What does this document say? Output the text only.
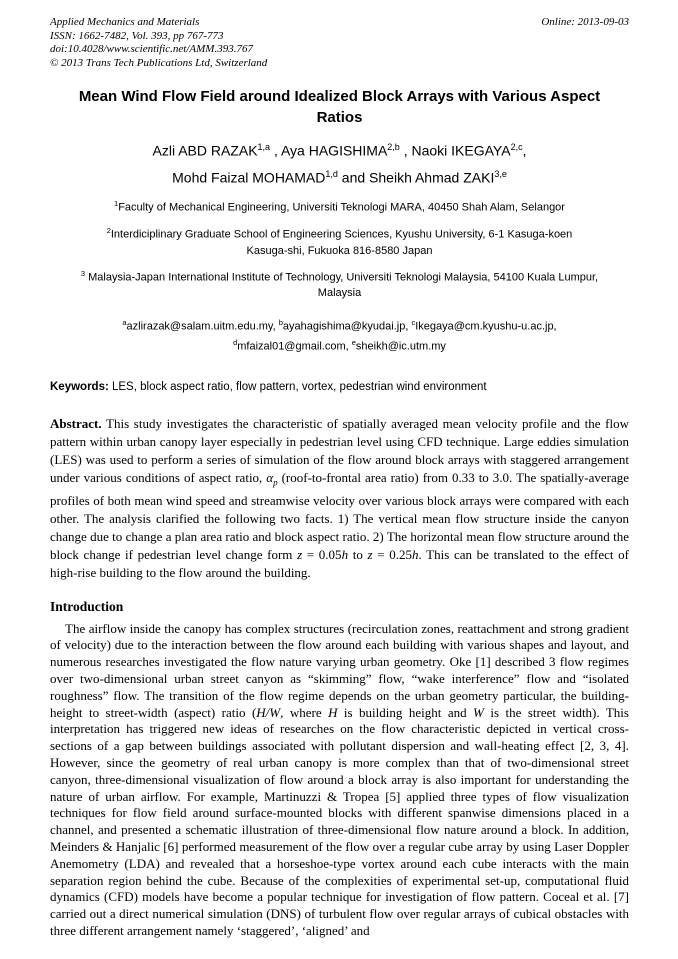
Applied Mechanics and Materials
ISSN: 1662-7482, Vol. 393, pp 767-773
doi:10.4028/www.scientific.net/AMM.393.767
© 2013 Trans Tech Publications Ltd, Switzerland
Online: 2013-09-03
Mean Wind Flow Field around Idealized Block Arrays with Various Aspect Ratios
Azli ABD RAZAK$^{1,a}$ , Aya HAGISHIMA$^{2,b}$ , Naoki IKEGAYA$^{2,c}$,
Mohd Faizal MOHAMAD$^{1,d}$ and Sheikh Ahmad ZAKI$^{3,e}$
$^1$Faculty of Mechanical Engineering, Universiti Teknologi MARA, 40450 Shah Alam, Selangor
$^2$Interdiciplinary Graduate School of Engineering Sciences, Kyushu University, 6-1 Kasuga-koen Kasuga-shi, Fukuoka 816-8580 Japan
$^3$ Malaysia-Japan International Institute of Technology, Universiti Teknologi Malaysia, 54100 Kuala Lumpur, Malaysia
$^a$azlirazak@salam.uitm.edu.my, $^b$ayahagishima@kyudai.jp, $^c$Ikegaya@cm.kyushu-u.ac.jp,
$^d$mfaizal01@gmail.com, $^e$sheikh@ic.utm.my

Keywords: LES, block aspect ratio, flow pattern, vortex, pedestrian wind environment

Abstract. This study investigates the characteristic of spatially averaged mean velocity profile and the flow pattern within urban canopy layer especially in pedestrian level using CFD technique. Large eddies simulation (LES) was used to perform a series of simulation of the flow around block arrays with staggered arrangement under various conditions of aspect ratio, $\alpha_p$ (roof-to-frontal area ratio) from 0.33 to 3.0. The spatially-average profiles of both mean wind speed and streamwise velocity over various block arrays were compared with each other. The analysis clarified the following two facts. 1) The vertical mean flow structure inside the canyon change due to change a plan area ratio and block aspect ratio. 2) The horizontal mean flow structure around the block change if pedestrian level change form z = 0.05h to z = 0.25h. This can be translated to the effect of high-rise building to the flow around the building.

Introduction

The airflow inside the canopy has complex structures (recirculation zones, reattachment and strong gradient of velocity) due to the interaction between the flow around each building with various shapes and layout, and numerous researches investigated the flow nature varying urban geometry. Oke [1] described 3 flow regimes over two-dimensional urban street canyon as “skimming” flow, “wake interference” flow and “isolated roughness” flow. The transition of the flow regime depends on the urban geometry particular, the building-height to street-width (aspect) ratio (H/W, where H is building height and W is the street width). This interpretation has triggered new ideas of researches on the flow characteristic depicted in vertical cross-sections of a gap between buildings associated with pollutant dispersion and wall-heating effect [2, 3, 4]. However, since the geometry of real urban canopy is more complex than that of two-dimensional street canyon, three-dimensional visualization of flow around a block array is also important for understanding the nature of urban airflow. For example, Martinuzzi & Tropea [5] applied three types of flow visualization techniques for flow field around surface-mounted blocks with different spanwise dimensions placed in a channel, and presented a schematic illustration of three-dimensional flow nature around a block. In addition, Meinders & Hanjalic [6] performed measurement of the flow over a regular cube array by using Laser Doppler Anemometry (LDA) and revealed that a horseshoe-type vortex around each cube interacts with the main separation region behind the cube. Because of the complexities of experimental set-up, computational fluid dynamics (CFD) models have become a popular technique for investigation of flow pattern. Coceal et al. [7] carried out a direct numerical simulation (DNS) of turbulent flow over regular arrays of cubical obstacles with three different arrangement namely ‘staggered’, ‘aligned’ and
